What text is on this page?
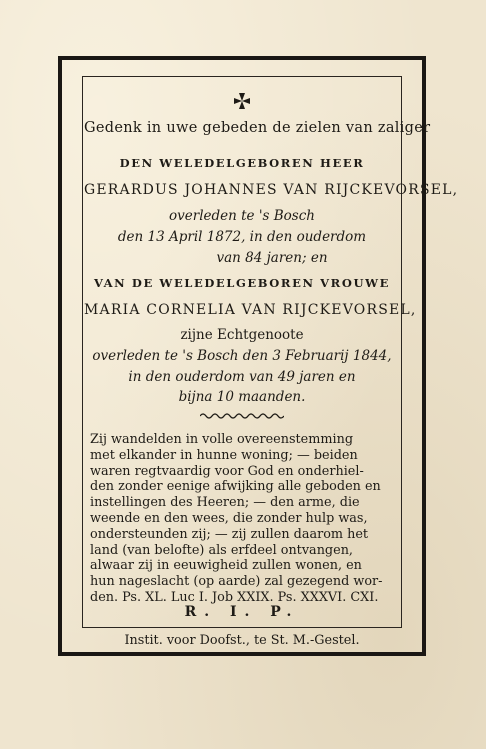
Gedenk in uwe gebeden de zielen van zaliger
DEN WELEDELGEBOREN HEER
GERARDUS JOHANNES VAN RIJCKEVORSEL,
overleden te 's Bosch
den 13 April 1872, in den ouderdom
van 84 jaren; en
VAN DE WELEDELGEBOREN VROUWE
MARIA CORNELIA VAN RIJCKEVORSEL,
zijne Echtgenoote
overleden te 's Bosch den 3 Februarij 1844,
in den ouderdom van 49 jaren en
bijna 10 maanden.
Zij wandelden in volle overeenstemming
met elkander in hunne woning; — beiden
waren regtvaardig voor God en onderhiel-
den zonder eenige afwijking alle geboden en
instellingen des Heeren; — den arme, die
weende en den wees, die zonder hulp was,
ondersteunden zij; — zij zullen daarom het
land (van belofte) als erfdeel ontvangen,
alwaar zij in eeuwigheid zullen wonen, en
hun nageslacht (op aarde) zal gezegend wor-
den. Ps. XL. Luc I. Job XXIX. Ps. XXXVI. CXI.
R. I. P.
Instit. voor Doofst., te St. M.-Gestel.
